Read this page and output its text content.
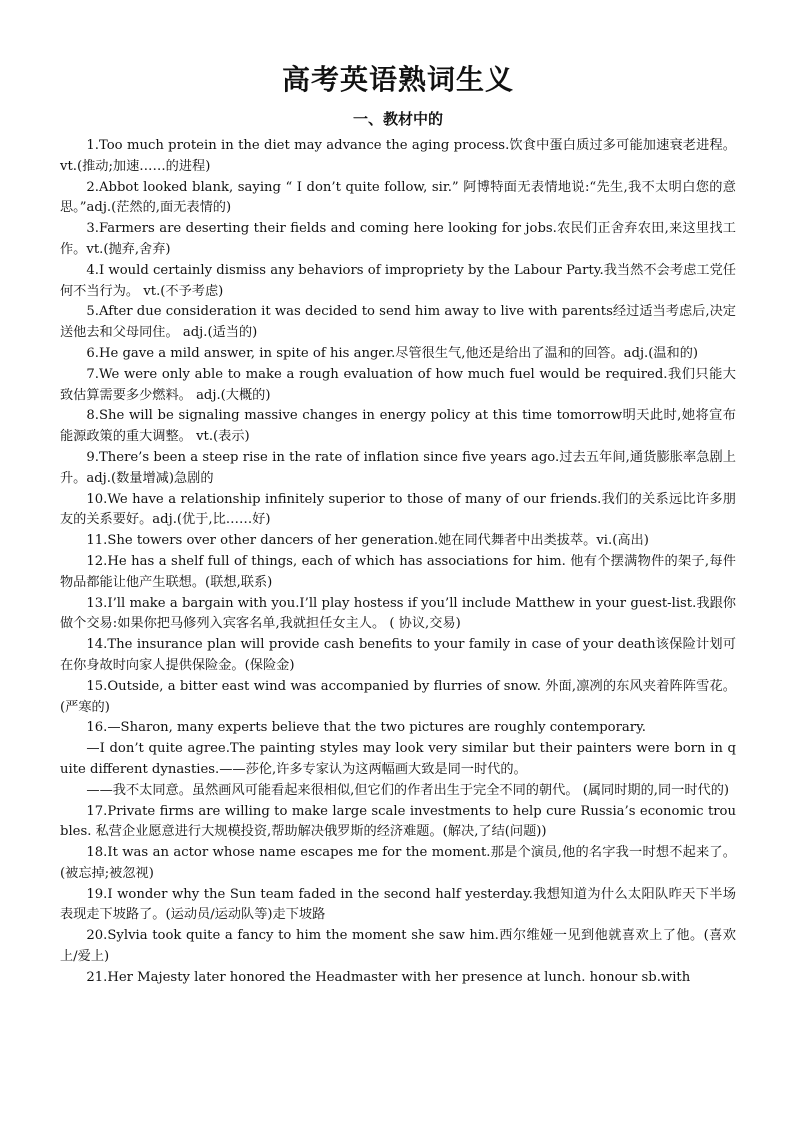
高考英语熟词生义
一、教材中的

1.Too much protein in the diet may advance the aging process.饮食中蛋白质过多可能加速衰老进程。vt.(推动;加速……的进程)

2.Abbot looked blank, saying “ I don’t quite follow, sir.” 阿博特面无表情地说:“先生,我不太明白您的意思。”adj.(茫然的,面无表情的)

3.Farmers are deserting their fields and coming here looking for jobs.农民们正舍弃农田,来这里找工作。vt.(抛弃,舍弃)

4.I would certainly dismiss any behaviors of impropriety by the Labour Party.我当然不会考虑工党任何不当行为。 vt.(不予考虑)

5.After due consideration it was decided to send him away to live with parents经过适当考虑后,决定送他去和父母同住。 adj.(适当的)

6.He gave a mild answer, in spite of his anger.尽管很生气,他还是给出了温和的回答。adj.(温和的)

7.We were only able to make a rough evaluation of how much fuel would be required.我们只能大致估算需要多少燃料。 adj.(大概的)

8.She will be signaling massive changes in energy policy at this time tomorrow明天此时,她将宣布能源政策的重大调整。 vt.(表示)

9.There’s been a steep rise in the rate of inflation since five years ago.过去五年间,通货膨胀率急剧上升。adj.(数量增减)急剧的

10.We have a relationship infinitely superior to those of many of our friends.我们的关系远比许多朋友的关系要好。adj.(优于,比……好)

11.She towers over other dancers of her generation.她在同代舞者中出类拔萃。vi.(高出)

12.He has a shelf full of things, each of which has associations for him. 他有个摆满物件的架子,每件物品都能让他产生联想。(联想,联系)

13.I’ll make a bargain with you.I’ll play hostess if you’ll include Matthew in your guest-list.我跟你做个交易:如果你把马修列入宾客名单,我就担任女主人。 ( 协议,交易)

14.The insurance plan will provide cash benefits to your family in case of your death该保险计划可在你身故时向家人提供保险金。(保险金)

15.Outside, a bitter east wind was accompanied by flurries of snow. 外面,凛冽的东风夹着阵阵雪花。(严寒的)

16.—Sharon, many experts believe that the two pictures are roughly contemporary.

—I don’t quite agree.The painting styles may look very similar but their painters were born in quite different dynasties.——莎伦,许多专家认为这两幅画大致是同一时代的。

——我不太同意。虽然画风可能看起来很相似,但它们的作者出生于完全不同的朝代。 (属同时期的,同一时代的)

17.Private firms are willing to make large scale investments to help cure Russia’s economic troubles. 私营企业愿意进行大规模投资,帮助解决俄罗斯的经济难题。(解决,了结(问题))

18.It was an actor whose name escapes me for the moment.那是个演员,他的名字我一时想不起来了。 (被忘掉;被忽视)

19.I wonder why the Sun team faded in the second half yesterday.我想知道为什么太阳队昨天下半场表现走下坡路了。(运动员/运动队等)走下坡路

20.Sylvia took quite a fancy to him the moment she saw him.西尔维娅一见到他就喜欢上了他。(喜欢上/爱上)

21.Her Majesty later honored the Headmaster with her presence at lunch. honour sb.with
